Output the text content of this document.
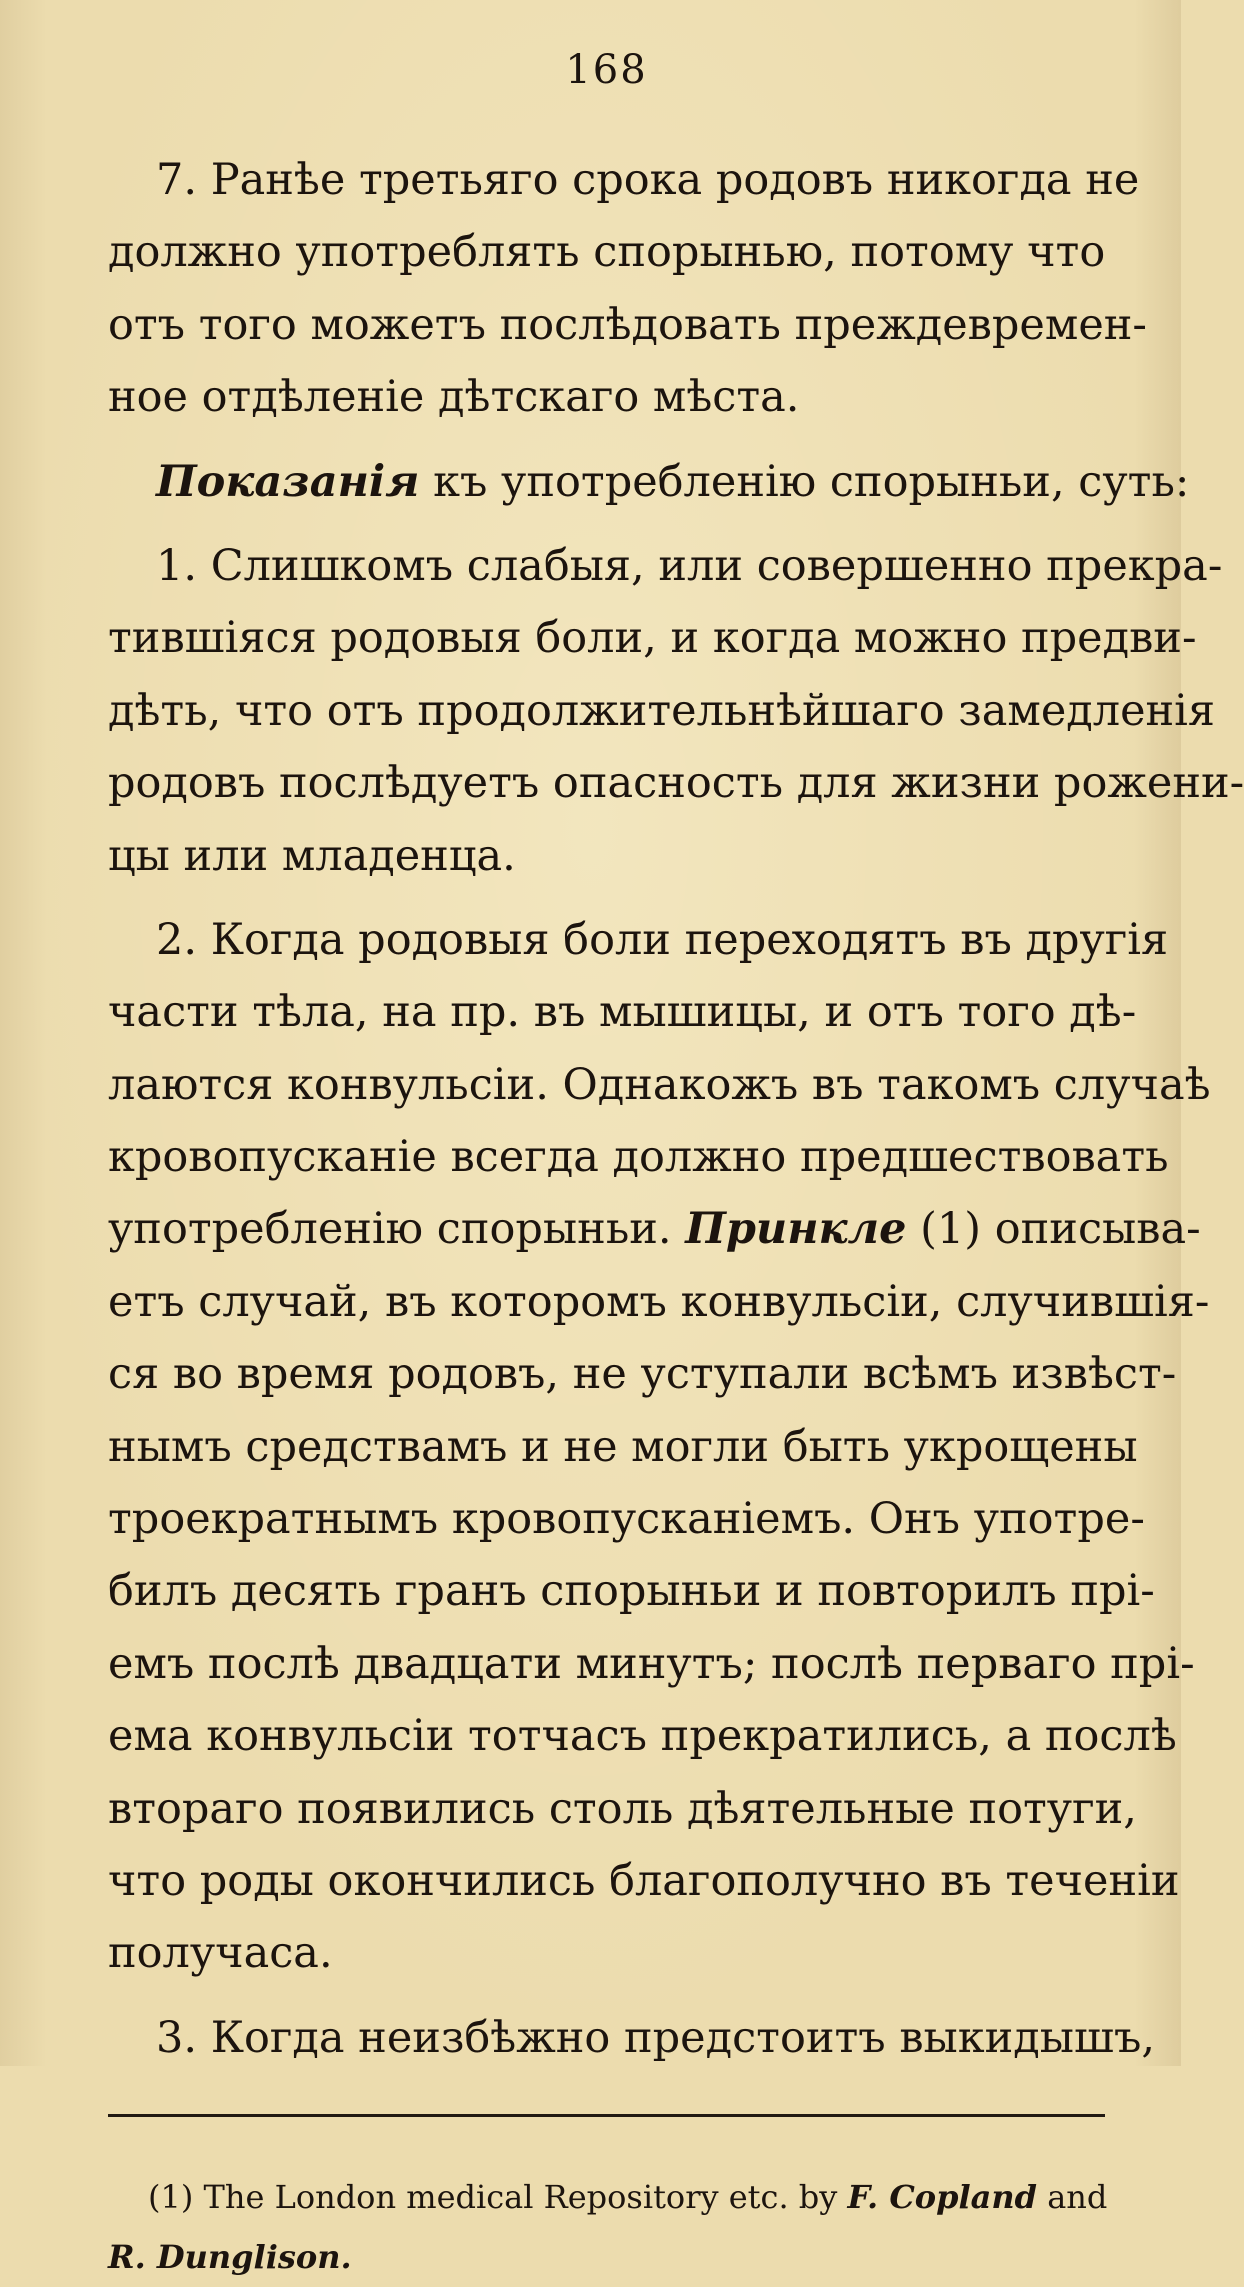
168
7. Ранѣе третьяго срока родовъ никогда не
должно употреблять спорынью, потому что
отъ того можетъ послѣдовать преждевремен-
ное отдѣленіе дѣтскаго мѣста.
Показанія къ употребленію спорыньи, суть:
1. Слишкомъ слабыя, или совершенно прекра-
тившіяся родовыя боли, и когда можно предви-
дѣть, что отъ продолжительнѣйшаго замедленія
родовъ послѣдуетъ опасность для жизни рожени-
цы или младенца.
2. Когда родовыя боли переходятъ въ другія
части тѣла, на пр. въ мышицы, и отъ того дѣ-
лаются конвульсіи. Однакожъ въ такомъ случаѣ
кровопусканіе всегда должно предшествовать
употребленію спорыньи. Принкле (1) описыва-
етъ случай, въ которомъ конвульсіи, случившія-
ся во время родовъ, не уступали всѣмъ извѣст-
нымъ средствамъ и не могли быть укрощены
троекратнымъ кровопусканіемъ. Онъ употре-
билъ десять гранъ спорыньи и повторилъ прі-
емъ послѣ двадцати минутъ; послѣ перваго прі-
ема конвульсіи тотчасъ прекратились, а послѣ
втораго появились столь дѣятельные потуги,
что роды окончились благополучно въ теченіи
получаса.
3. Когда неизбѣжно предстоитъ выкидышъ,
(1) The London medical Repository etc. by F. Copland and
R. Dunglison.
